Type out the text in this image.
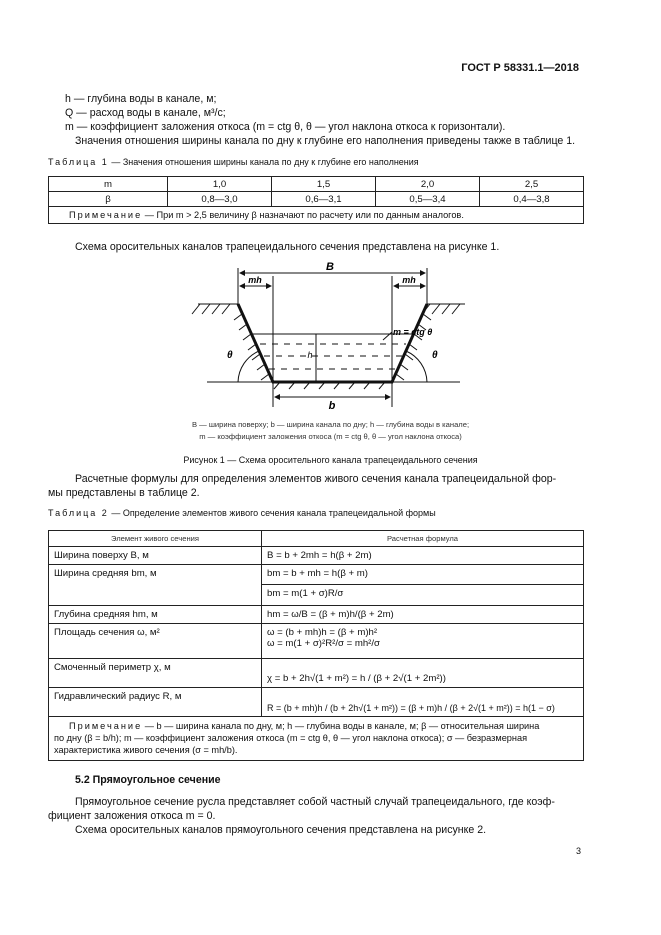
ГОСТ Р 58331.1—2018
h — глубина воды в канале, м;
Q — расход воды в канале, м³/с;
m — коэффициент заложения откоса (m = ctg θ, θ — угол наклона откоса к горизонтали).
Значения отношения ширины канала по дну к глубине его наполнения приведены также в таблице 1.
Таблица 1 — Значения отношения ширины канала по дну к глубине его наполнения
m	1,0	1,5	2,0	2,5
β	0,8—3,0	0,6—3,1	0,5—3,4	0,4—3,8
Примечание — При m > 2,5 величину β назначают по расчету или по данным аналогов.				
Схема оросительных каналов трапецеидального сечения представлена на рисунке 1.
B
mh	mh
b
h
m = ctg θ
θ	θ
B — ширина поверху; b — ширина канала по дну; h — глубина воды в канале;
m — коэффициент заложения откоса (m = ctg θ, θ — угол наклона откоса)
Рисунок 1 — Схема оросительного канала трапецеидального сечения
Расчетные формулы для определения элементов живого сечения канала трапецеидальной фор-
мы представлены в таблице 2.
Таблица 2 — Определение элементов живого сечения канала трапецеидальной формы
Элемент живого сечения	Расчетная формула
Ширина поверху B, м	B = b + 2mh = h(β + 2m)
Ширина средняя bm, м	bm = b + mh = h(β + m)
bm = m(1 + σ)R/σ

Глубина средняя hm, м	hm = ω/B = (β + m)h/(β + 2m)
Площадь сечения ω, м²	ω = (b + mh)h = (β + m)h²
ω = m(1 + σ)²R²/σ = mh²/σ

Смоченный периметр χ, м	χ = b + 2h√(1 + m²) = h / (β + 2√(1 + 2m²))
Гидравлический радиус R, м	R = (b + mh)h / (b + 2h√(1 + m²)) = (β + m)h / (β + 2√(1 + m²)) = h(1 − σ)

Примечание — b — ширина канала по дну, м; h — глубина воды в канале, м; β — относительная ширина
по дну (β = b/h); m — коэффициент заложения откоса (m = ctg θ, θ — угол наклона откоса); σ — безразмерная
характеристика живого сечения (σ = mh/b).	
5.2 Прямоугольное сечение
Прямоугольное сечение русла представляет собой частный случай трапецеидального, где коэф-
фициент заложения откоса m = 0.
Схема оросительных каналов прямоугольного сечения представлена на рисунке 2.
3
